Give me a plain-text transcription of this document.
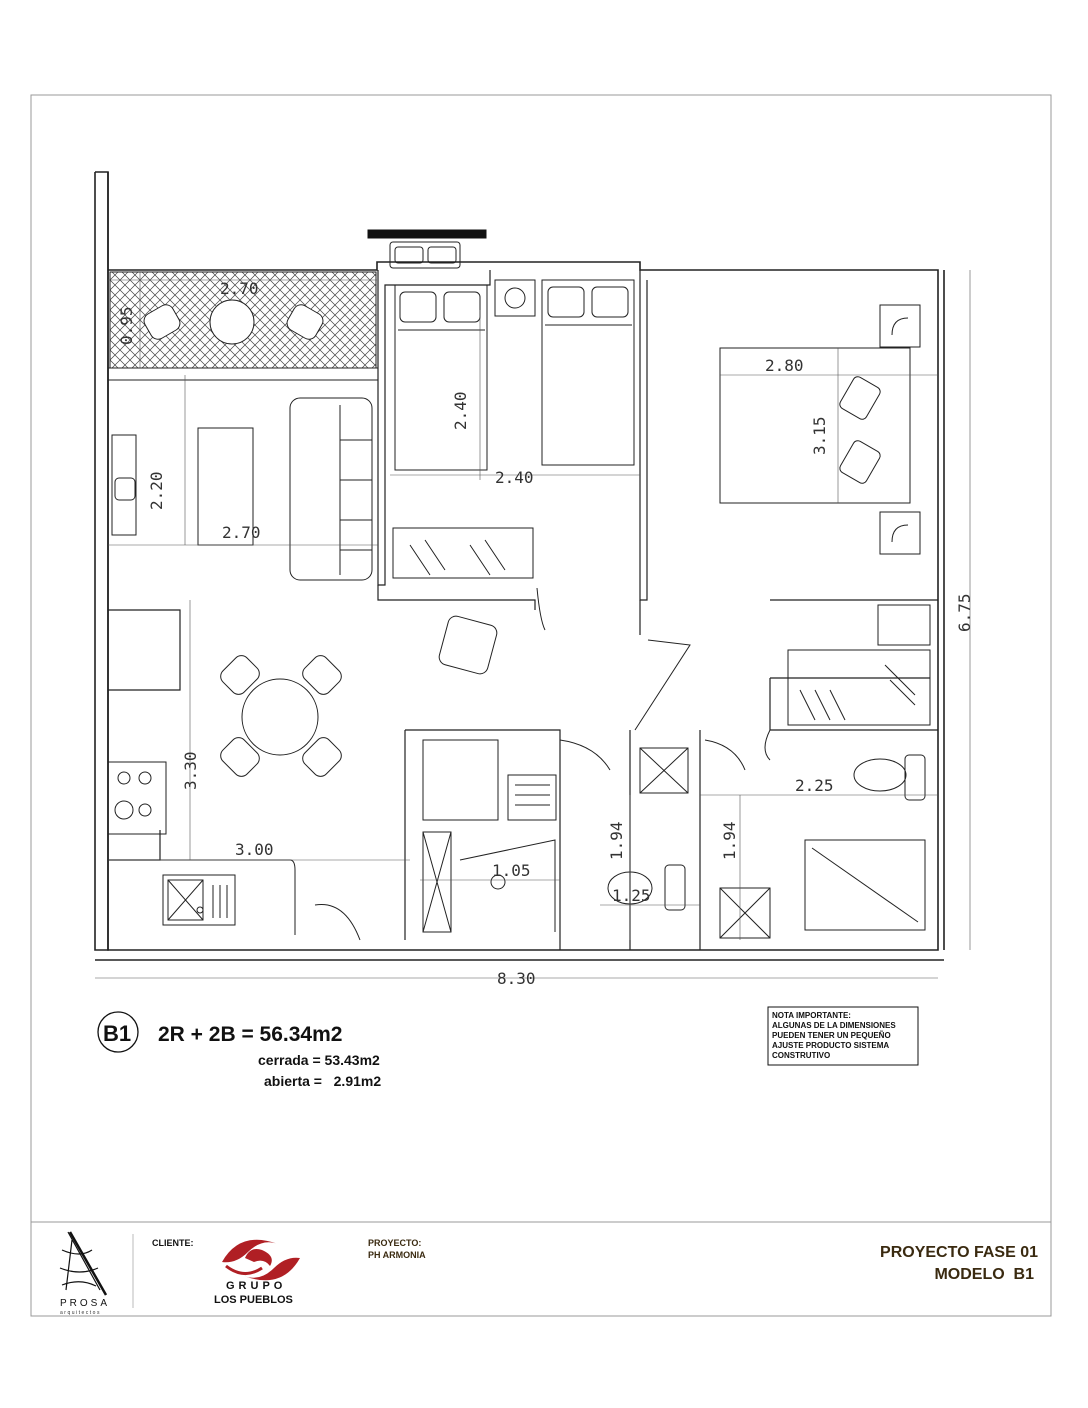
2.70
0.95
2.40
2.40
2.80
3.15
2.20
2.70
6.75
3.30
3.00
1.05
1.94
1.25
1.94
2.25
8.30
B1 2R + 2B = 56.34m2
cerrada = 53.43m2
abierta =   2.91m2
NOTA IMPORTANTE:
ALGUNAS DE LA DIMENSIONES
PUEDEN TENER UN PEQUEÑO
AJUSTE PRODUCTO SISTEMA
CONSTRUTIVO
PROSA
arquitectos
CLIENTE:
GRUPO
LOS PUEBLOS
PROYECTO:
PH ARMONIA	PROYECTO FASE 01
MODELO  B1
